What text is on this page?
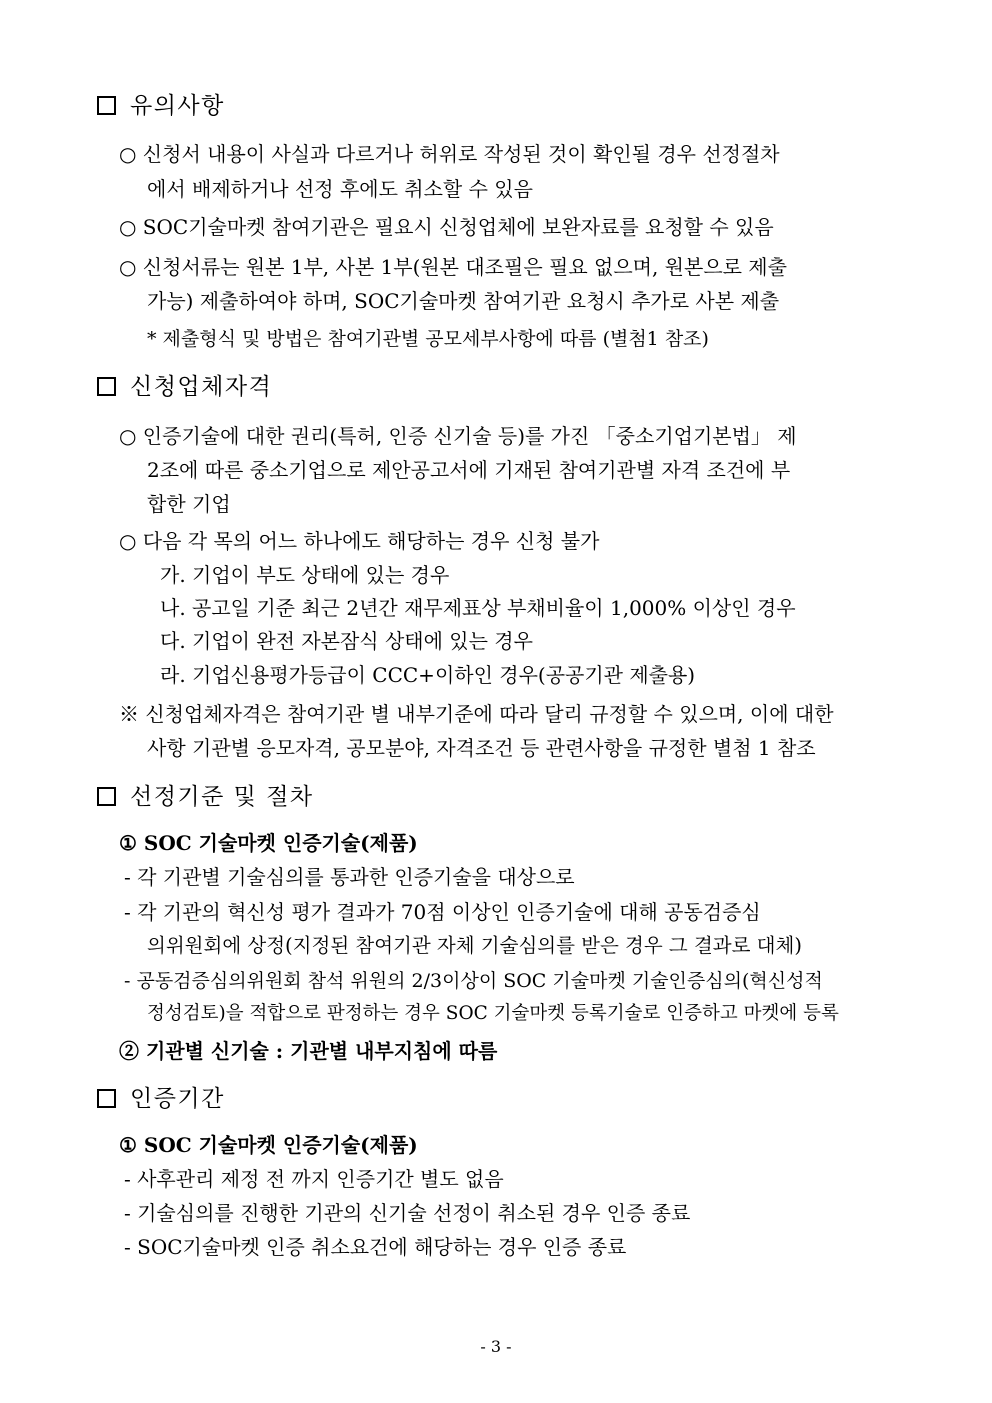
유의사항
○ 신청서 내용이 사실과 다르거나 허위로 작성된 것이 확인될 경우 선정절차
에서 배제하거나 선정 후에도 취소할 수 있음
○ SOC기술마켓 참여기관은 필요시 신청업체에 보완자료를 요청할 수 있음
○ 신청서류는 원본 1부, 사본 1부(원본 대조필은 필요 없으며, 원본으로 제출
가능) 제출하여야 하며, SOC기술마켓 참여기관 요청시 추가로 사본 제출
* 제출형식 및 방법은 참여기관별 공모세부사항에 따름 (별첨1 참조)
신청업체자격
○ 인증기술에 대한 권리(특허, 인증 신기술 등)를 가진 「중소기업기본법」 제
2조에 따른 중소기업으로 제안공고서에 기재된 참여기관별 자격 조건에 부
합한 기업
○ 다음 각 목의 어느 하나에도 해당하는 경우 신청 불가
가. 기업이 부도 상태에 있는 경우
나. 공고일 기준 최근 2년간 재무제표상 부채비율이 1,000% 이상인 경우
다. 기업이 완전 자본잠식 상태에 있는 경우
라. 기업신용평가등급이 CCC+이하인 경우(공공기관 제출용)
※ 신청업체자격은 참여기관 별 내부기준에 따라 달리 규정할 수 있으며, 이에 대한
사항 기관별 응모자격, 공모분야, 자격조건 등 관련사항을 규정한 별첨 1 참조
선정기준 및 절차
① SOC 기술마켓 인증기술(제품)
- 각 기관별 기술심의를 통과한 인증기술을 대상으로
- 각 기관의 혁신성 평가 결과가 70점 이상인 인증기술에 대해 공동검증심
의위원회에 상정(지정된 참여기관 자체 기술심의를 받은 경우 그 결과로 대체)
- 공동검증심의위원회 참석 위원의 2/3이상이 SOC 기술마켓 기술인증심의(혁신성적
정성검토)을 적합으로 판정하는 경우 SOC 기술마켓 등록기술로 인증하고 마켓에 등록
② 기관별 신기술 : 기관별 내부지침에 따름
인증기간
① SOC 기술마켓 인증기술(제품)
- 사후관리 제정 전 까지 인증기간 별도 없음
- 기술심의를 진행한 기관의 신기술 선정이 취소된 경우 인증 종료
- SOC기술마켓 인증 취소요건에 해당하는 경우 인증 종료
- 3 -
